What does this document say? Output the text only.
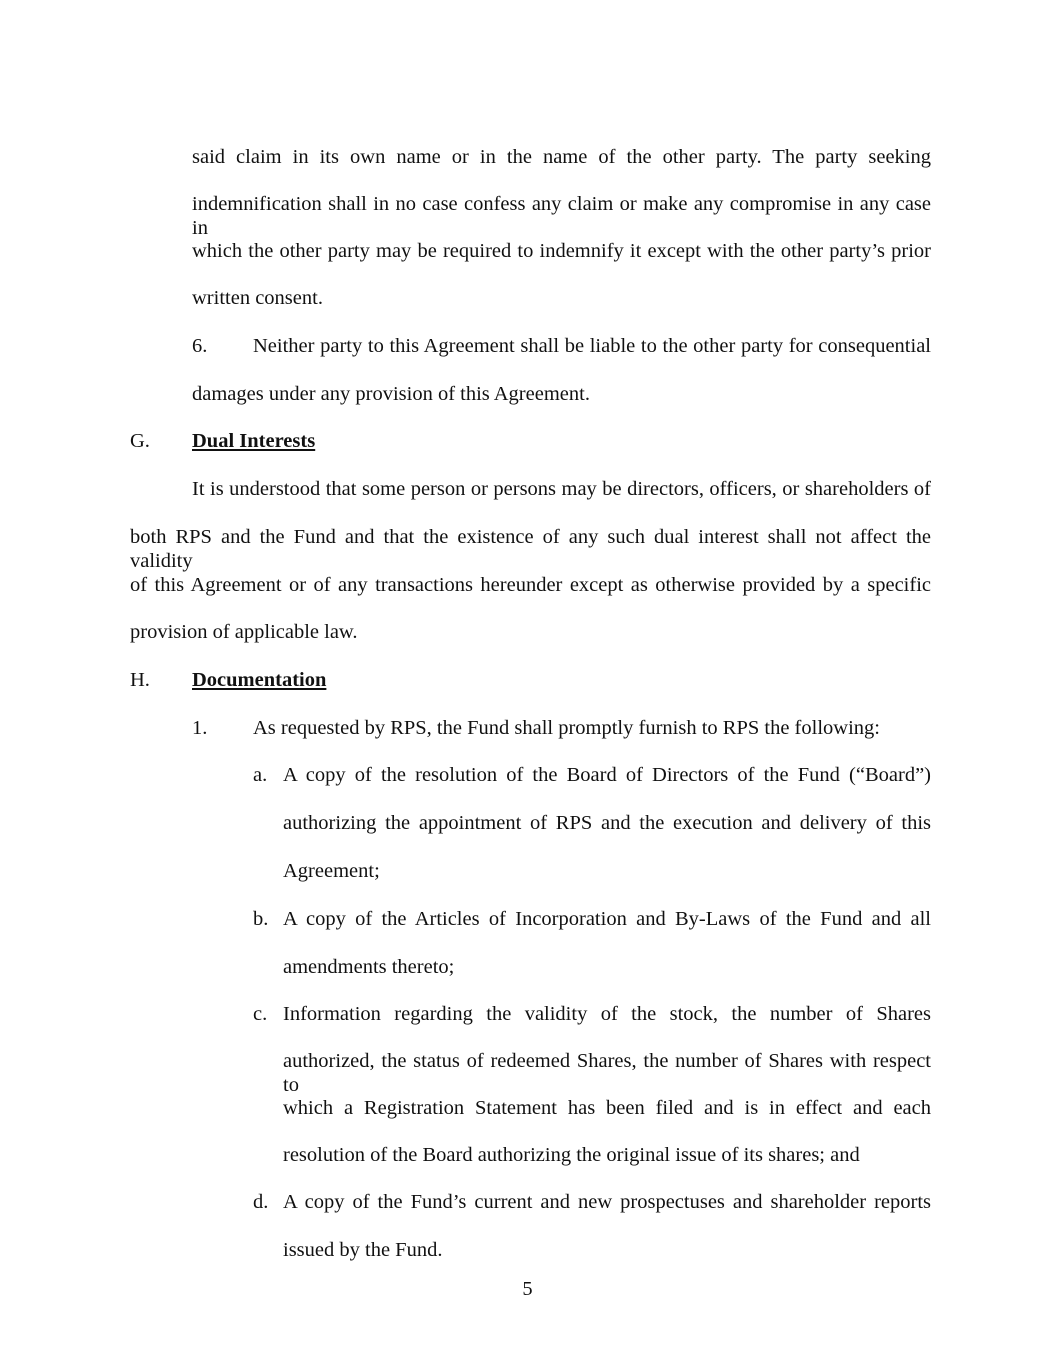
said claim in its own name or in the name of the other party. The party seeking
indemnification shall in no case confess any claim or make any compromise in any case in
which the other party may be required to indemnify it except with the other party’s prior
written consent.
6. Neither party to this Agreement shall be liable to the other party for consequential
damages under any provision of this Agreement.
G. Dual Interests
It is understood that some person or persons may be directors, officers, or shareholders of
both RPS and the Fund and that the existence of any such dual interest shall not affect the validity
of this Agreement or of any transactions hereunder except as otherwise provided by a specific
provision of applicable law.
H. Documentation
1. As requested by RPS, the Fund shall promptly furnish to RPS the following:
a. A copy of the resolution of the Board of Directors of the Fund (“Board”)
authorizing the appointment of RPS and the execution and delivery of this
Agreement;
b. A copy of the Articles of Incorporation and By-Laws of the Fund and all
amendments thereto;
c. Information regarding the validity of the stock, the number of Shares
authorized, the status of redeemed Shares, the number of Shares with respect to
which a Registration Statement has been filed and is in effect and each
resolution of the Board authorizing the original issue of its shares; and
d. A copy of the Fund’s current and new prospectuses and shareholder reports
issued by the Fund.
5
